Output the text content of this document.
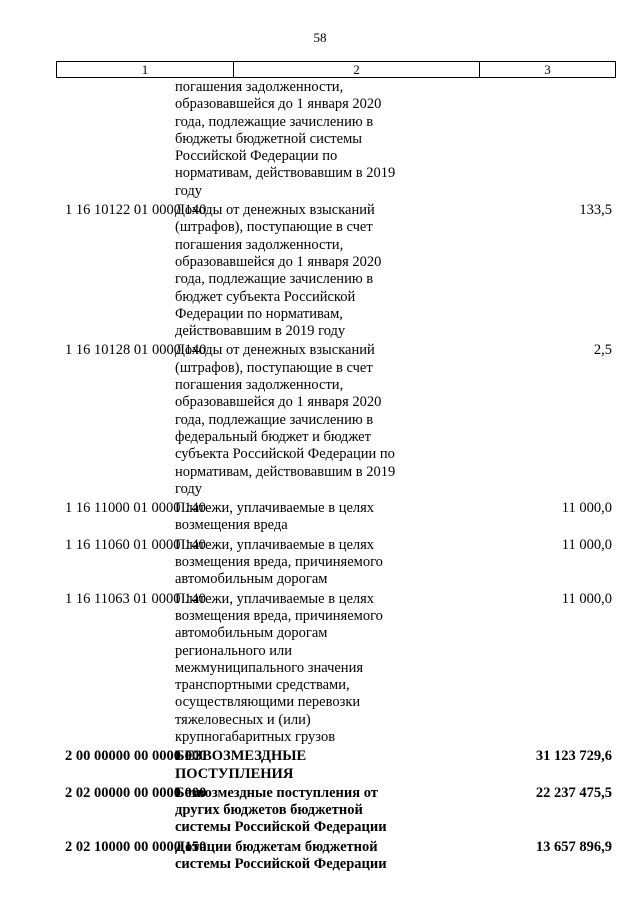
58
1	2	3
погашения задолженности,
образовавшейся до 1 января 2020
года, подлежащие зачислению в
бюджеты бюджетной системы
Российской Федерации по
нормативам, действовавшим в 2019
году
1 16 10122 01 0000 140
Доходы от денежных взысканий
(штрафов), поступающие в счет
погашения задолженности,
образовавшейся до 1 января 2020
года, подлежащие зачислению в
бюджет субъекта Российской
Федерации по нормативам,
действовавшим в 2019 году
133,5
1 16 10128 01 0000 140
Доходы от денежных взысканий
(штрафов), поступающие в счет
погашения задолженности,
образовавшейся до 1 января 2020
года, подлежащие зачислению в
федеральный бюджет и бюджет
субъекта Российской Федерации по
нормативам, действовавшим в 2019
году
2,5
1 16 11000 01 0000 140
Платежи, уплачиваемые в целях
возмещения вреда
11 000,0
1 16 11060 01 0000 140
Платежи, уплачиваемые в целях
возмещения вреда, причиняемого
автомобильным дорогам
11 000,0
1 16 11063 01 0000 140
Платежи, уплачиваемые в целях
возмещения вреда, причиняемого
автомобильным дорогам
регионального или
межмуниципального значения
транспортными средствами,
осуществляющими перевозки
тяжеловесных и (или)
крупногабаритных грузов
11 000,0
2 00 00000 00 0000 000
БЕЗВОЗМЕЗДНЫЕ
ПОСТУПЛЕНИЯ
31 123 729,6
2 02 00000 00 0000 000
Безвозмездные поступления от
других бюджетов бюджетной
системы Российской Федерации
22 237 475,5
2 02 10000 00 0000 150
Дотации бюджетам бюджетной
системы Российской Федерации
13 657 896,9
